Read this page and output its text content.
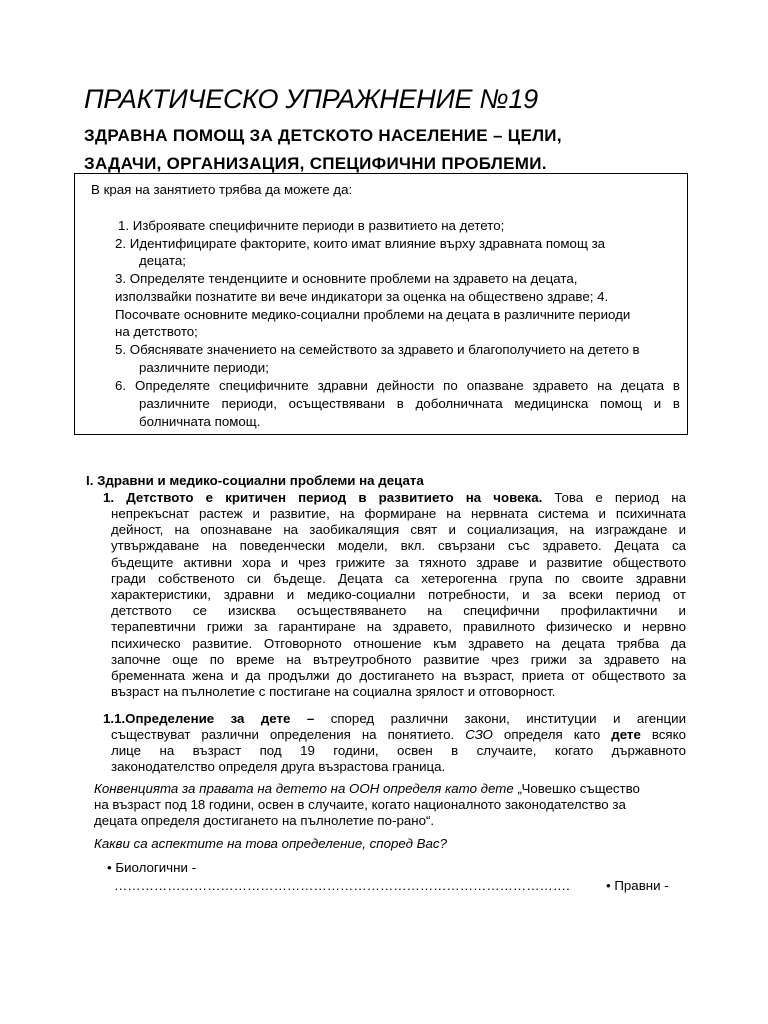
ПРАКТИЧЕСКО УПРАЖНЕНИЕ №19
ЗДРАВНА ПОМОЩ ЗА ДЕТСКОТО НАСЕЛЕНИЕ – ЦЕЛИ,
ЗАДАЧИ, ОРГАНИЗАЦИЯ, СПЕЦИФИЧНИ ПРОБЛЕМИ.
В края на занятието трябва да можете да:
1. Изброявате специфичните периоди в развитието на детето;
2. Идентифицирате факторите, които имат влияние върху здравната помощ за
децата;
3. Определяте тенденциите и основните проблеми на здравето на децата,
използвайки познатите ви вече индикатори за оценка на обществено здраве; 4.
Посочвате основните медико-социални проблеми на децата в различните периоди
на детството;
5. Обяснявате значението на семейството за здравето и благополучието на детето в
различните периоди;
6. Определяте специфичните здравни дейности по опазване здравето на децата в
различните периоди, осъществявани в доболничната медицинска помощ и в
болничната помощ.
I. Здравни и медико-социални проблеми на децата
1. Детството е критичен период в развитието на човека. Това е период на
непрекъснат растеж и развитие, на формиране на нервната система и психичната
дейност, на опознаване на заобикалящия свят и социализация, на изграждане и
утвърждаване на поведенчески модели, вкл. свързани със здравето. Децата са
бъдещите активни хора и чрез грижите за тяхното здраве и развитие обществото
гради собственото си бъдеще. Децата са хетерогенна група по своите здравни
характеристики, здравни и медико-социални потребности, и за всеки период от
детството се изисква осъществяването на специфични профилактични и
терапевтични грижи за гарантиране на здравето, правилното физическо и нервно
психическо развитие. Отговорното отношение към здравето на децата трябва да
започне още по време на вътреутробното развитие чрез грижи за здравето на
бременната жена и да продължи до достигането на възраст, приета от обществото за
възраст на пълнолетие с постигане на социална зрялост и отговорност.
1.1.Определение за дете – според различни закони, институции и агенции
съществуват различни определения на понятието. СЗО определя като дете всяко
лице на възраст под 19 години, освен в случаите, когато държавното
законодателство определя друга възрастова граница.
Конвенцията за правата на детето на ООН определя като дете „Човешко същество
на възраст под 18 години, освен в случаите, когато националното законодателство за
децата определя достигането на пълнолетие по-рано“.
Какви са аспектите на това определение, според Вас?
• Биологични -
………………………………………………………………………………………….	• Правни -
